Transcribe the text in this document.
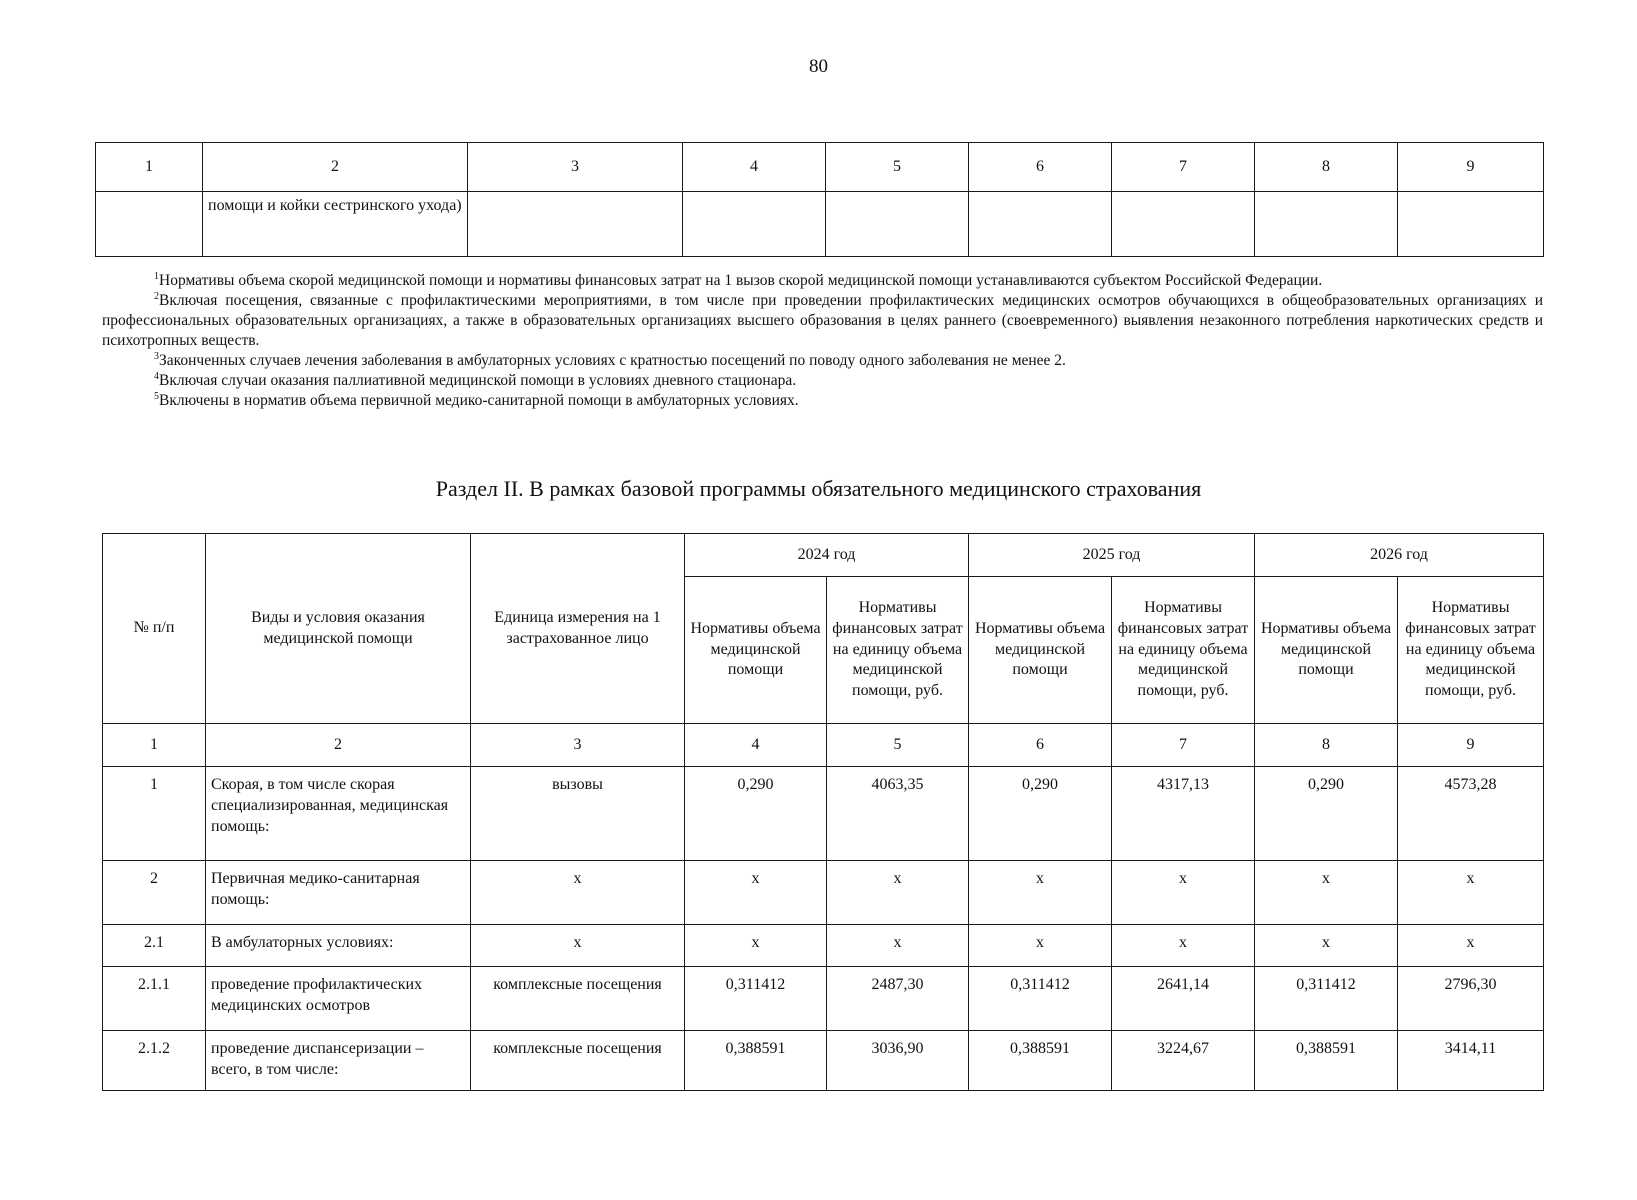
80
1	2	3	4	5	6	7	8	9
	помощи и койки сестринского ухода)							

$^1$Нормативы объема скорой медицинской помощи и нормативы финансовых затрат на 1 вызов скорой медицинской помощи устанавливаются субъектом Российской Федерации.

$^2$Включая посещения, связанные с профилактическими мероприятиями, в том числе при проведении профилактических медицинских осмотров обучающихся в общеобразовательных организациях и профессиональных образовательных организациях, а также в образовательных организациях высшего образования в целях раннего (своевременного) выявления незаконного потребления наркотических средств и психотропных веществ.

$^3$Законченных случаев лечения заболевания в амбулаторных условиях с кратностью посещений по поводу одного заболевания не менее 2.

$^4$Включая случаи оказания паллиативной медицинской помощи в условиях дневного стационара.

$^5$Включены в норматив объема первичной медико-санитарной помощи в амбулаторных условиях.

Раздел II. В рамках базовой программы обязательного медицинского страхования
№ п/п	Виды и условия оказания медицинской помощи	Единица измерения на 1 застрахованное лицо	2024 год		2025 год		2026 год	
			Нормативы объема медицинской помощи	Нормативы финансовых затрат на единицу объема медицинской помощи, руб.	Нормативы объема медицинской помощи	Нормативы финансовых затрат на единицу объема медицинской помощи, руб.	Нормативы объема медицинской помощи	Нормативы финансовых затрат на единицу объема медицинской помощи, руб.
1	2	3	4	5	6	7	8	9
1	Скорая, в том числе скорая специализированная, медицинская помощь:	вызовы	0,290	4063,35	0,290	4317,13	0,290	4573,28
2	Первичная медико-санитарная помощь:	х	х	х	х	х	х	х
2.1	В амбулаторных условиях:	х	х	х	х	х	х	х
2.1.1	проведение профилактических медицинских осмотров	комплексные посещения	0,311412	2487,30	0,311412	2641,14	0,311412	2796,30
2.1.2	проведение диспансеризации – всего, в том числе:	комплексные посещения	0,388591	3036,90	0,388591	3224,67	0,388591	3414,11
